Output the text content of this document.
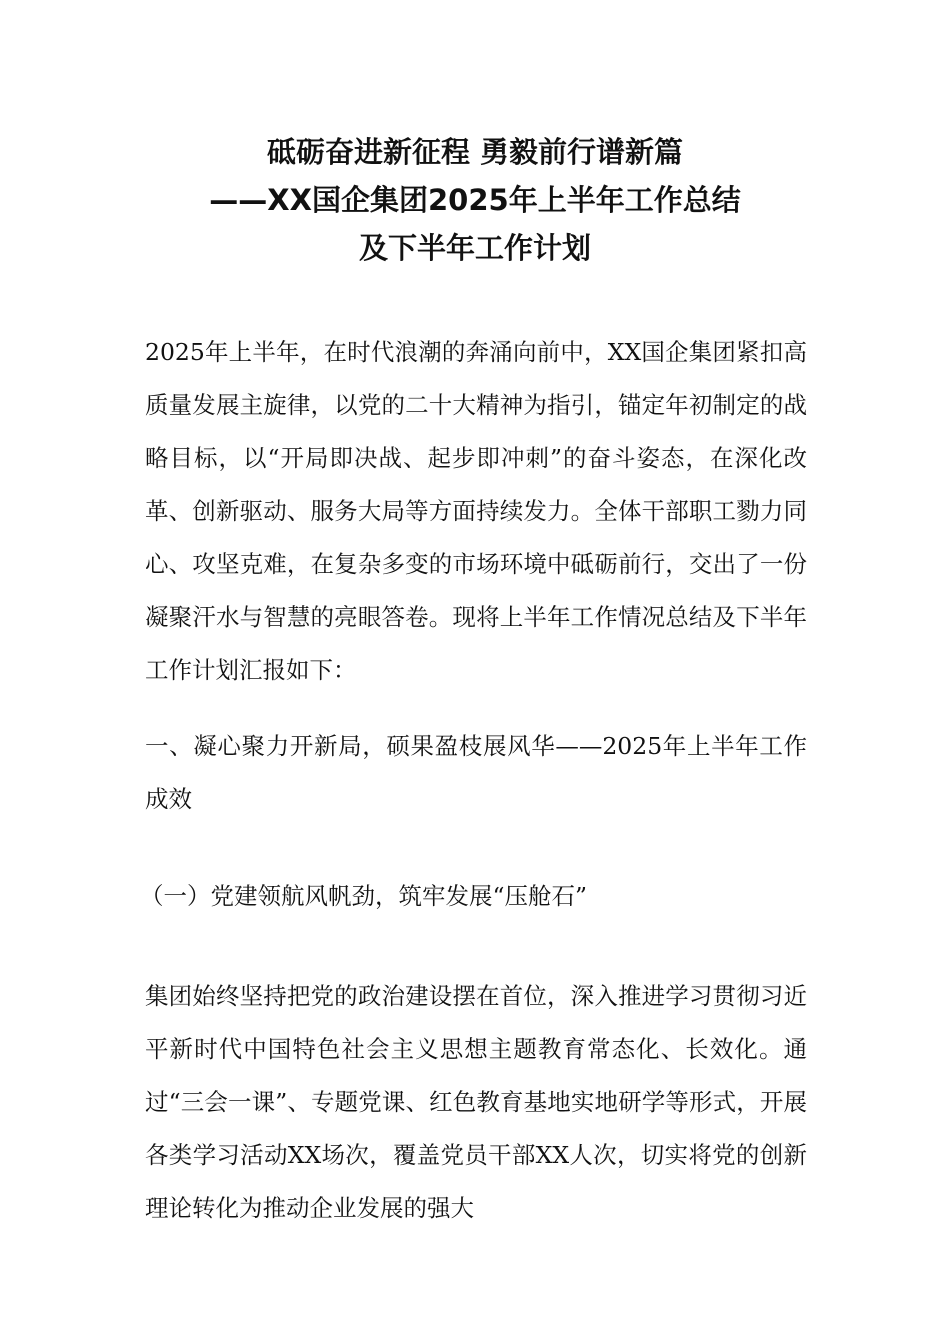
砥砺奋进新征程 勇毅前行谱新篇
——XX国企集团2025年上半年工作总结
及下半年工作计划
2025年上半年，在时代浪潮的奔涌向前中，XX国企集团紧扣高质量发展主旋律，以党的二十大精神为指引，锚定年初制定的战略目标，以“开局即决战、起步即冲刺”的奋斗姿态，在深化改革、创新驱动、服务大局等方面持续发力。全体干部职工勠力同心、攻坚克难，在复杂多变的市场环境中砥砺前行，交出了一份凝聚汗水与智慧的亮眼答卷。现将上半年工作情况总结及下半年工作计划汇报如下：
一、凝心聚力开新局，硕果盈枝展风华——2025年上半年工作成效
（一）党建领航风帆劲，筑牢发展“压舱石”
集团始终坚持把党的政治建设摆在首位，深入推进学习贯彻习近平新时代中国特色社会主义思想主题教育常态化、长效化。通过“三会一课”、专题党课、红色教育基地实地研学等形式，开展各类学习活动XX场次，覆盖党员干部XX人次，切实将党的创新理论转化为推动企业发展的强大
